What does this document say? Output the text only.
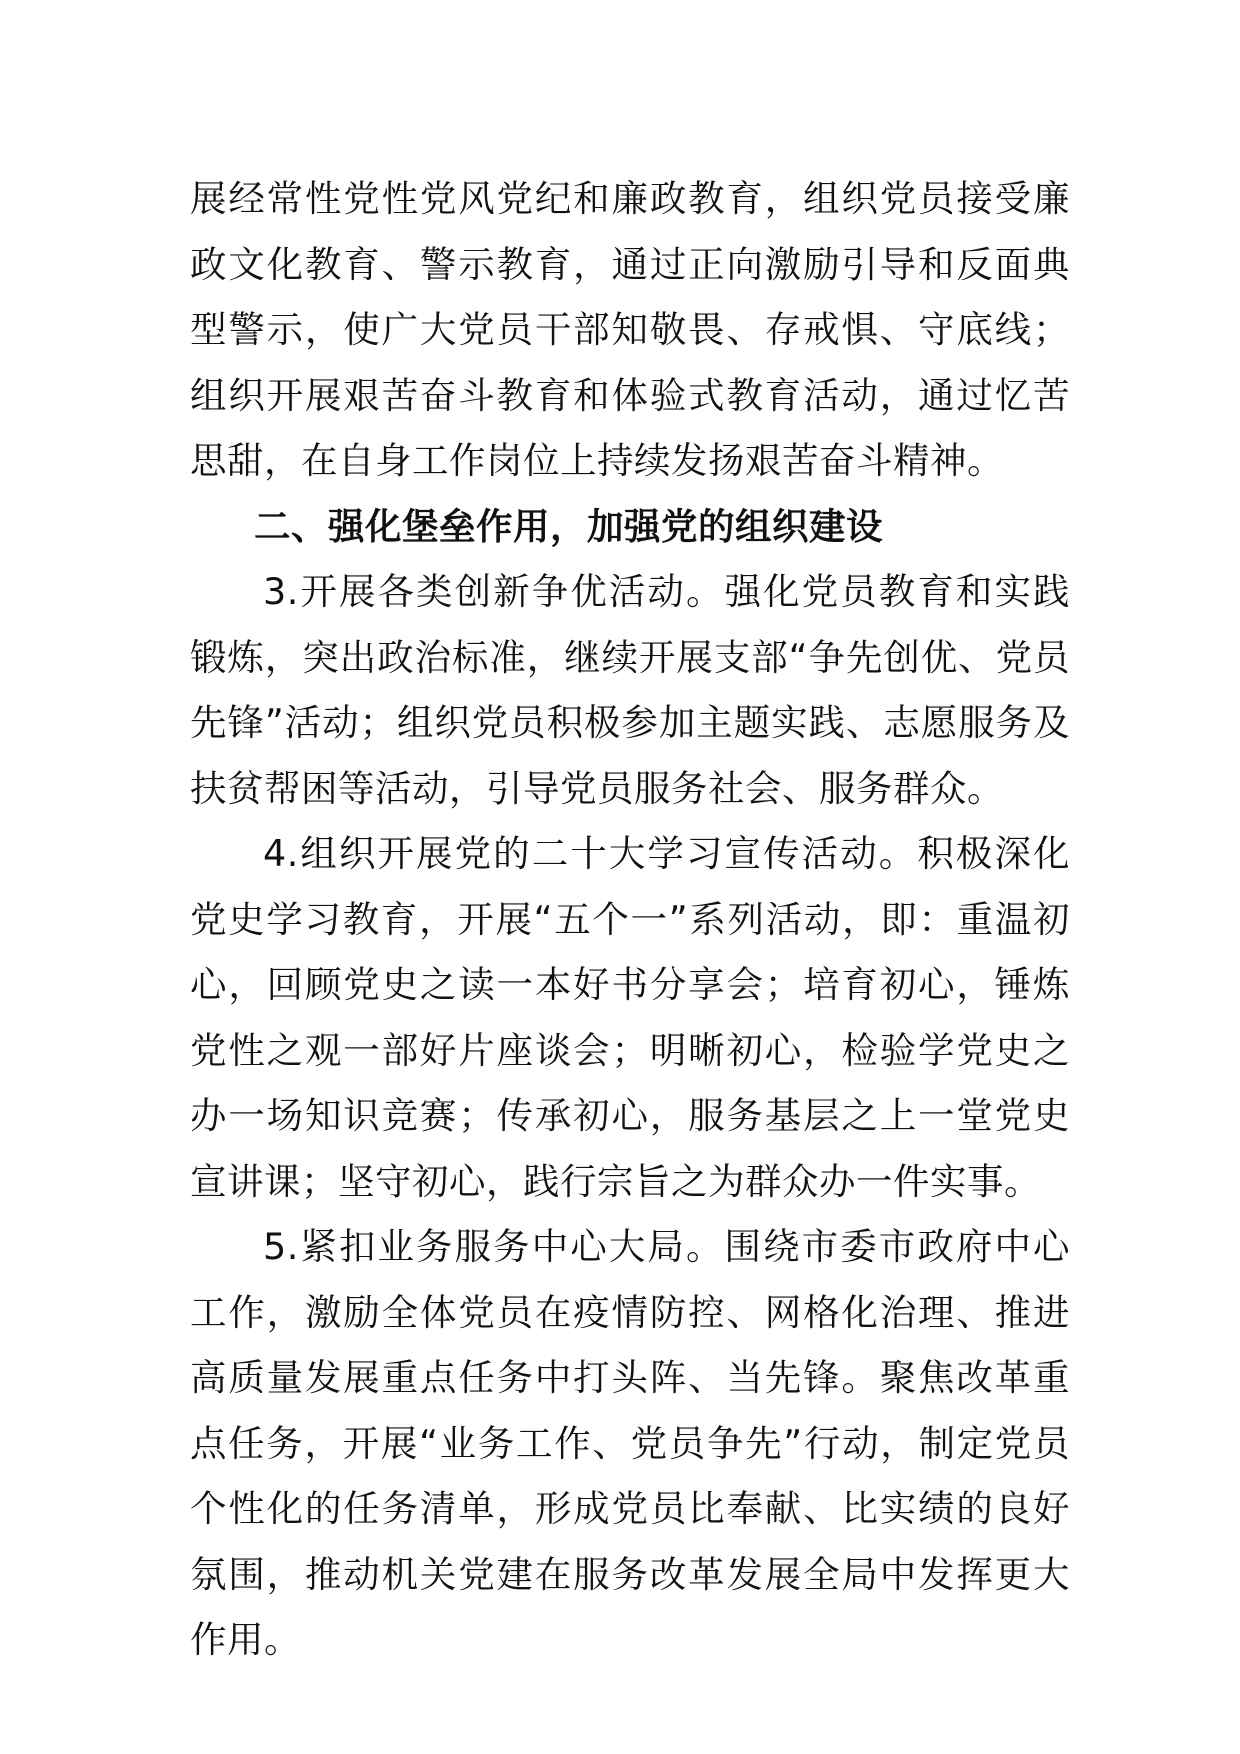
展经常性党性党风党纪和廉政教育，组织党员接受廉政文化教育、警示教育，通过正向激励引导和反面典型警示，使广大党员干部知敬畏、存戒惧、守底线；组织开展艰苦奋斗教育和体验式教育活动，通过忆苦思甜，在自身工作岗位上持续发扬艰苦奋斗精神。

二、强化堡垒作用，加强党的组织建设

3.开展各类创新争优活动。强化党员教育和实践锻炼，突出政治标准，继续开展支部“争先创优、党员先锋”活动；组织党员积极参加主题实践、志愿服务及扶贫帮困等活动，引导党员服务社会、服务群众。

4.组织开展党的二十大学习宣传活动。积极深化党史学习教育，开展“五个一”系列活动，即：重温初心，回顾党史之读一本好书分享会；培育初心，锤炼党性之观一部好片座谈会；明晰初心，检验学党史之办一场知识竞赛；传承初心，服务基层之上一堂党史宣讲课；坚守初心，践行宗旨之为群众办一件实事。

5.紧扣业务服务中心大局。围绕市委市政府中心工作，激励全体党员在疫情防控、网格化治理、推进高质量发展重点任务中打头阵、当先锋。聚焦改革重点任务，开展“业务工作、党员争先”行动，制定党员个性化的任务清单，形成党员比奉献、比实绩的良好氛围，推动机关党建在服务改革发展全局中发挥更大作用。
